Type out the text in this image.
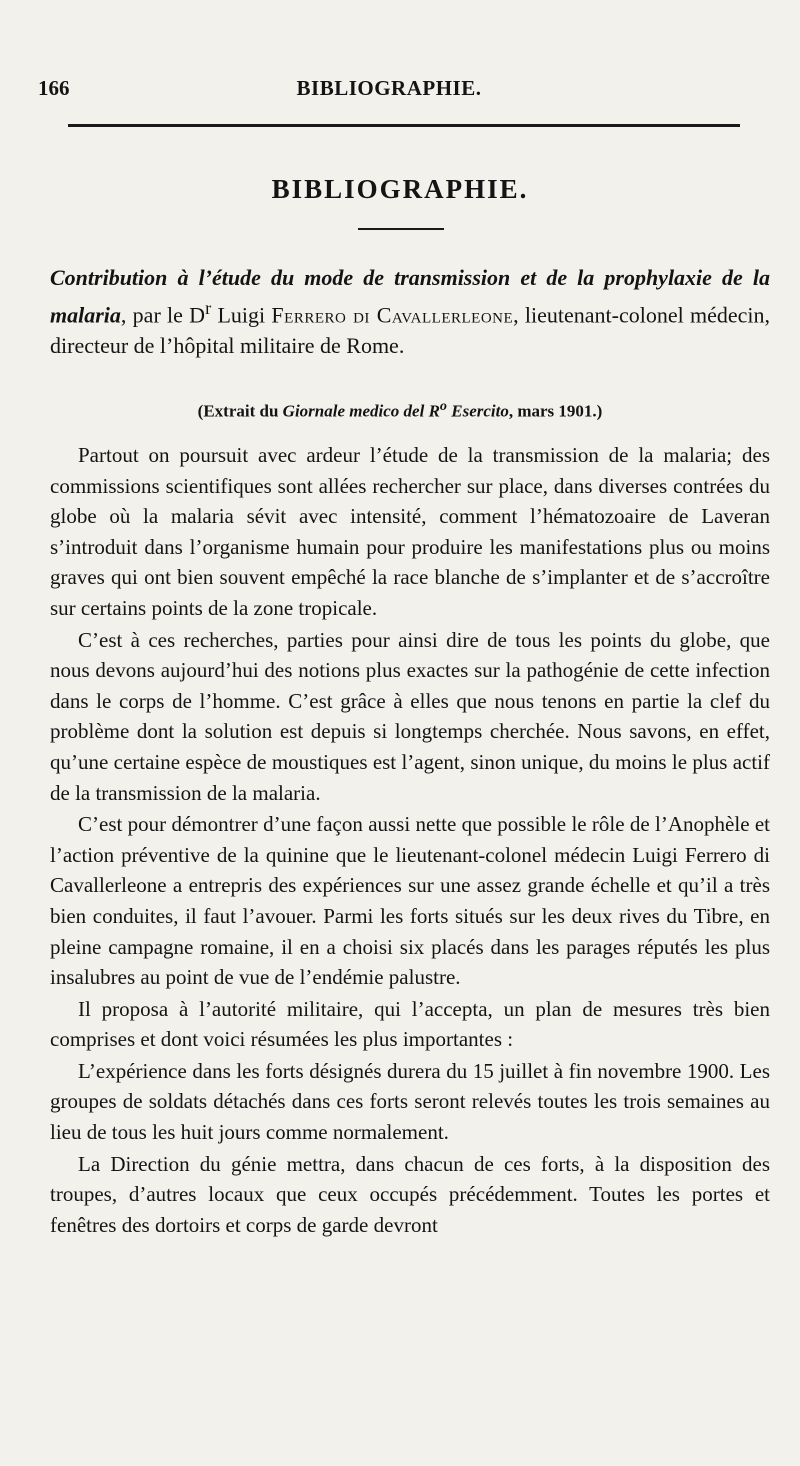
166	BIBLIOGRAPHIE.
BIBLIOGRAPHIE.
Contribution à l’étude du mode de transmission et de la prophylaxie de la malaria, par le $D^r$ Luigi Ferrero di Cavallerleone, lieutenant-colonel médecin, directeur de l’hôpital militaire de Rome.
(Extrait du Giornale medico del $R^o$ Esercito, mars 1901.)

Partout on poursuit avec ardeur l’étude de la transmission de la malaria; des commissions scientifiques sont allées rechercher sur place, dans diverses contrées du globe où la malaria sévit avec intensité, comment l’hématozoaire de Laveran s’introduit dans l’organisme humain pour produire les manifestations plus ou moins graves qui ont bien souvent empêché la race blanche de s’implanter et de s’accroître sur certains points de la zone tropicale.

C’est à ces recherches, parties pour ainsi dire de tous les points du globe, que nous devons aujourd’hui des notions plus exactes sur la pathogénie de cette infection dans le corps de l’homme. C’est grâce à elles que nous tenons en partie la clef du problème dont la solution est depuis si longtemps cherchée. Nous savons, en effet, qu’une certaine espèce de moustiques est l’agent, sinon unique, du moins le plus actif de la transmission de la malaria.

C’est pour démontrer d’une façon aussi nette que possible le rôle de l’Anophèle et l’action préventive de la quinine que le lieutenant-colonel médecin Luigi Ferrero di Cavallerleone a entrepris des expériences sur une assez grande échelle et qu’il a très bien conduites, il faut l’avouer. Parmi les forts situés sur les deux rives du Tibre, en pleine campagne romaine, il en a choisi six placés dans les parages réputés les plus insalubres au point de vue de l’endémie palustre.

Il proposa à l’autorité militaire, qui l’accepta, un plan de mesures très bien comprises et dont voici résumées les plus importantes :

L’expérience dans les forts désignés durera du 15 juillet à fin novembre 1900. Les groupes de soldats détachés dans ces forts seront relevés toutes les trois semaines au lieu de tous les huit jours comme normalement.

La Direction du génie mettra, dans chacun de ces forts, à la disposition des troupes, d’autres locaux que ceux occupés précédemment. Toutes les portes et fenêtres des dortoirs et corps de garde devront
